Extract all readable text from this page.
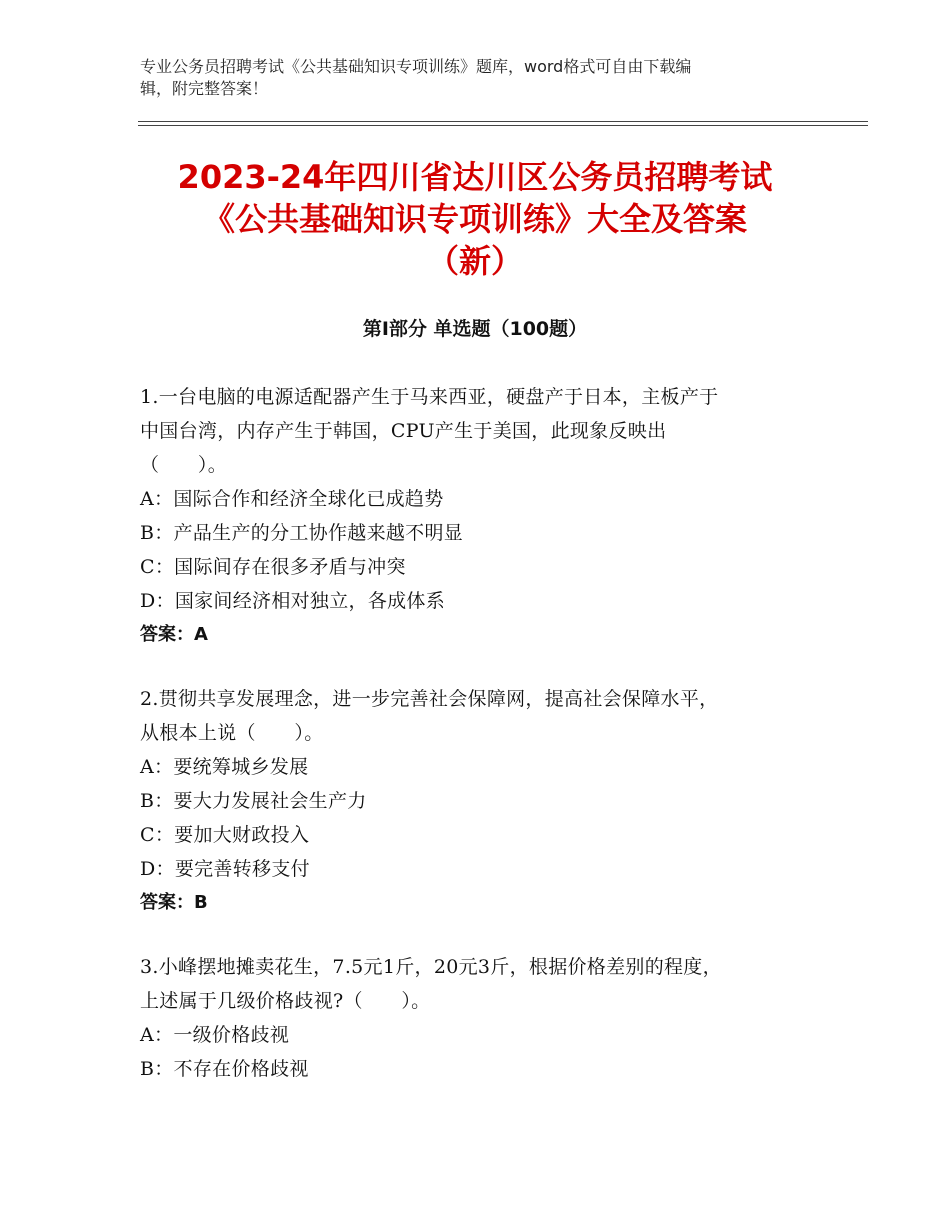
专业公务员招聘考试《公共基础知识专项训练》题库，word格式可自由下载编
辑，附完整答案！
2023-24年四川省达川区公务员招聘考试
《公共基础知识专项训练》大全及答案
（新）
第Ⅰ部分 单选题（100题）
1.一台电脑的电源适配器产生于马来西亚，硬盘产于日本，主板产于
中国台湾，内存产生于韩国，CPU产生于美国，此现象反映出
（　　）。
A：国际合作和经济全球化已成趋势
B：产品生产的分工协作越来越不明显
C：国际间存在很多矛盾与冲突
D：国家间经济相对独立，各成体系
答案：A
2.贯彻共享发展理念，进一步完善社会保障网，提高社会保障水平，
从根本上说（　　）。
A：要统筹城乡发展
B：要大力发展社会生产力
C：要加大财政投入
D：要完善转移支付
答案：B
3.小峰摆地摊卖花生，7.5元1斤，20元3斤，根据价格差别的程度，
上述属于几级价格歧视?（　　）。
A：一级价格歧视
B：不存在价格歧视
